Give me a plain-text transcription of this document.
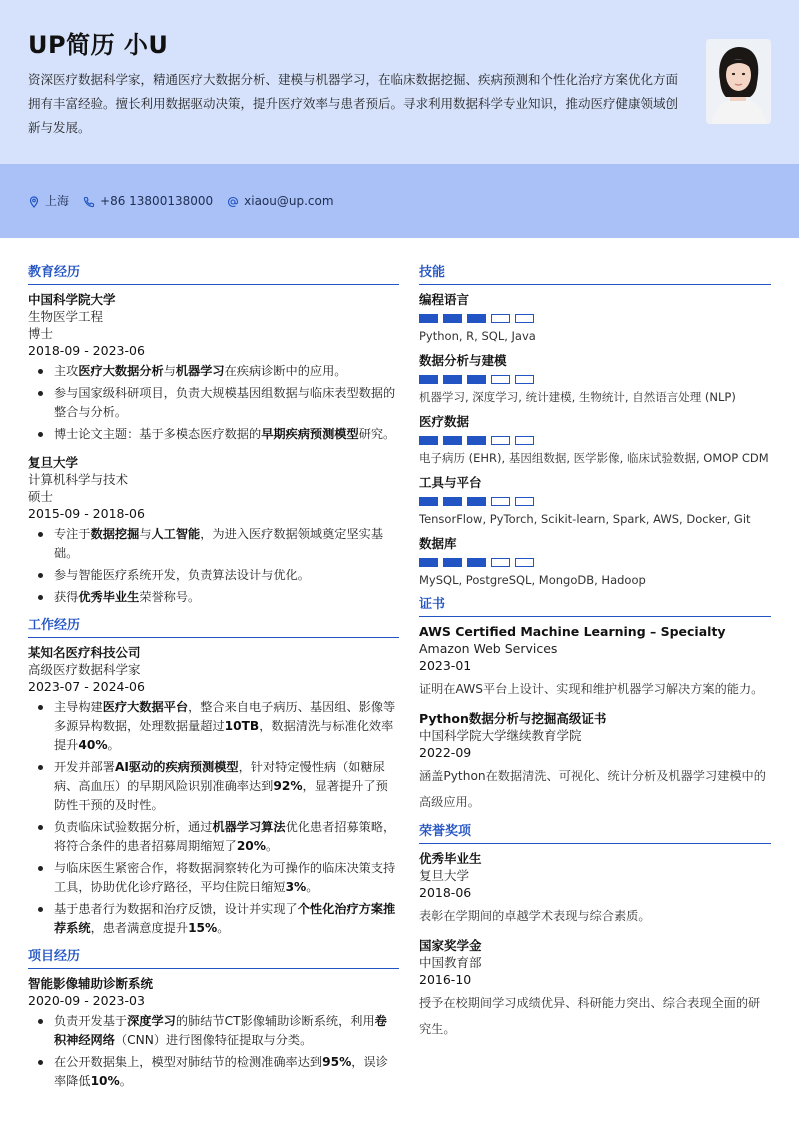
UP简历 小U
资深医疗数据科学家，精通医疗大数据分析、建模与机器学习，在临床数据挖掘、疾病预测和个性化治疗方案优化方面拥有丰富经验。擅长利用数据驱动决策，提升医疗效率与患者预后。寻求利用数据科学专业知识，推动医疗健康领域创新与发展。
上海	+86 13800138000	xiaou@up.com
教育经历
中国科学院大学
生物医学工程
博士
2018-09 - 2023-06
主攻医疗大数据分析与机器学习在疾病诊断中的应用。
参与国家级科研项目，负责大规模基因组数据与临床表型数据的整合与分析。
博士论文主题：基于多模态医疗数据的早期疾病预测模型研究。
复旦大学
计算机科学与技术
硕士
2015-09 - 2018-06
专注于数据挖掘与人工智能，为进入医疗数据领域奠定坚实基础。
参与智能医疗系统开发，负责算法设计与优化。
获得优秀毕业生荣誉称号。
工作经历
某知名医疗科技公司
高级医疗数据科学家
2023-07 - 2024-06
主导构建医疗大数据平台，整合来自电子病历、基因组、影像等多源异构数据，处理数据量超过10TB，数据清洗与标准化效率提升40%。
开发并部署AI驱动的疾病预测模型，针对特定慢性病（如糖尿病、高血压）的早期风险识别准确率达到92%，显著提升了预防性干预的及时性。
负责临床试验数据分析，通过机器学习算法优化患者招募策略，将符合条件的患者招募周期缩短了20%。
与临床医生紧密合作，将数据洞察转化为可操作的临床决策支持工具，协助优化诊疗路径，平均住院日缩短3%。
基于患者行为数据和治疗反馈，设计并实现了个性化治疗方案推荐系统，患者满意度提升15%。
项目经历
智能影像辅助诊断系统
2020-09 - 2023-03
负责开发基于深度学习的肺结节CT影像辅助诊断系统，利用卷积神经网络（CNN）进行图像特征提取与分类。
在公开数据集上，模型对肺结节的检测准确率达到95%，误诊率降低10%。
技能
编程语言
Python, R, SQL, Java
数据分析与建模
机器学习, 深度学习, 统计建模, 生物统计, 自然语言处理 (NLP)
医疗数据
电子病历 (EHR), 基因组数据, 医学影像, 临床试验数据, OMOP CDM
工具与平台
TensorFlow, PyTorch, Scikit-learn, Spark, AWS, Docker, Git
数据库
MySQL, PostgreSQL, MongoDB, Hadoop
证书
AWS Certified Machine Learning – Specialty
Amazon Web Services
2023-01
证明在AWS平台上设计、实现和维护机器学习解决方案的能力。
Python数据分析与挖掘高级证书
中国科学院大学继续教育学院
2022-09
涵盖Python在数据清洗、可视化、统计分析及机器学习建模中的高级应用。
荣誉奖项
优秀毕业生
复旦大学
2018-06
表彰在学期间的卓越学术表现与综合素质。
国家奖学金
中国教育部
2016-10
授予在校期间学习成绩优异、科研能力突出、综合表现全面的研究生。
